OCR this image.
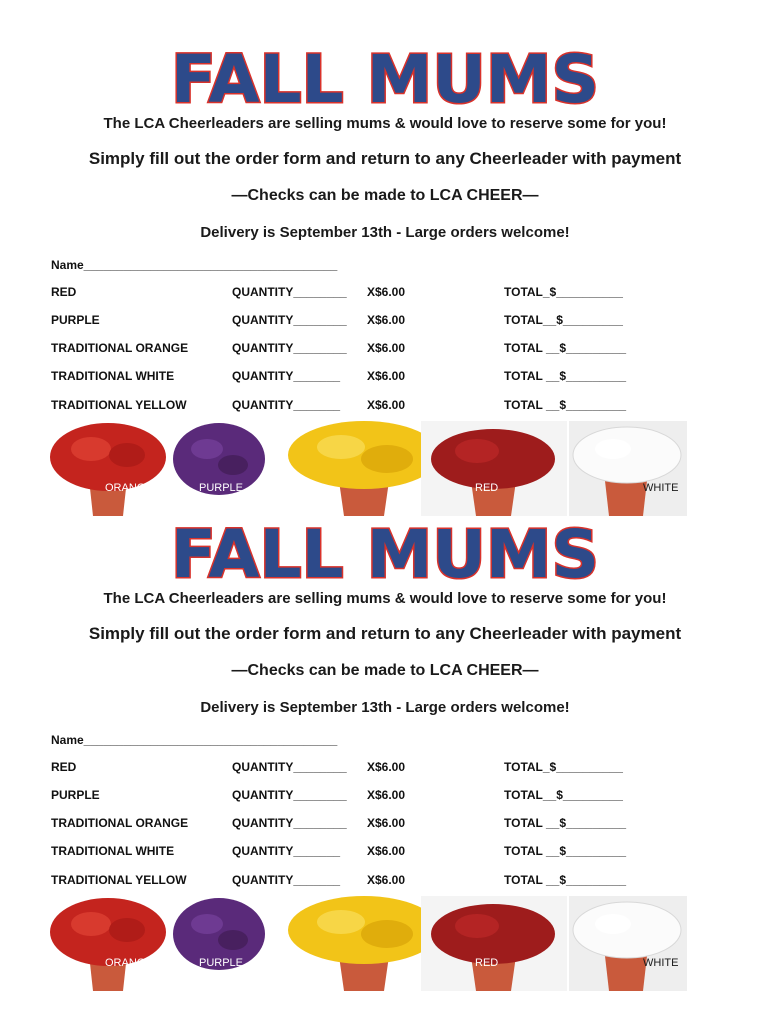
FALL MUMS
The LCA Cheerleaders are selling mums & would love to reserve some for you!
Simply fill out the order form and return to any Cheerleader with payment
—Checks can be made to LCA CHEER—
Delivery is September 13th - Large orders welcome!
Name______________________________________
RED	QUANTITY________ X$6.00	TOTAL_$__________
PURPLE	QUANTITY________ X$6.00	TOTAL__$_________
TRADITIONAL ORANGE	QUANTITY________ X$6.00	TOTAL __$_________
TRADITIONAL WHITE	QUANTITY_______ X$6.00	TOTAL __$_________
TRADITIONAL YELLOW	QUANTITY_______ X$6.00	TOTAL __$_________
ORANGE	PURPLE	RED	WHITE
FALL MUMS
The LCA Cheerleaders are selling mums & would love to reserve some for you!
Simply fill out the order form and return to any Cheerleader with payment
—Checks can be made to LCA CHEER—
Delivery is September 13th - Large orders welcome!
Name______________________________________
RED	QUANTITY________ X$6.00	TOTAL_$__________
PURPLE	QUANTITY________ X$6.00	TOTAL__$_________
TRADITIONAL ORANGE	QUANTITY________ X$6.00	TOTAL __$_________
TRADITIONAL WHITE	QUANTITY_______ X$6.00	TOTAL __$_________
TRADITIONAL YELLOW	QUANTITY_______ X$6.00	TOTAL __$_________
ORANGE	PURPLE	RED	WHITE
